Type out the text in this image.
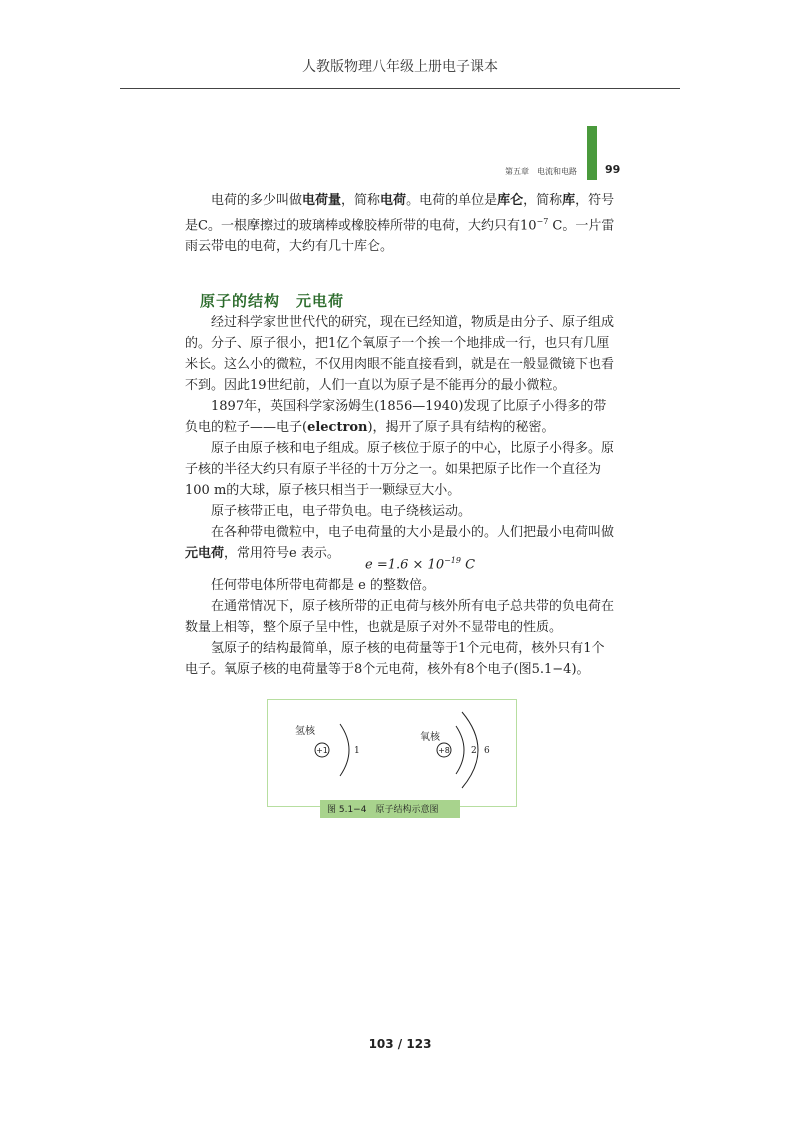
人教版物理八年级上册电子课本
第五章　电流和电路	99

电荷的多少叫做电荷量，简称电荷。电荷的单位是库仑，简称库，符号是C。一根摩擦过的玻璃棒或橡胶棒所带的电荷，大约只有$10^{-7}$ C。一片雷雨云带电的电荷，大约有几十库仑。

原子的结构　元电荷

经过科学家世世代代的研究，现在已经知道，物质是由分子、原子组成的。分子、原子很小，把1亿个氧原子一个挨一个地排成一行，也只有几厘米长。这么小的微粒，不仅用肉眼不能直接看到，就是在一般显微镜下也看不到。因此19世纪前，人们一直以为原子是不能再分的最小微粒。

1897年，英国科学家汤姆生(1856—1940)发现了比原子小得多的带负电的粒子——电子(electron)，揭开了原子具有结构的秘密。

原子由原子核和电子组成。原子核位于原子的中心，比原子小得多。原子核的半径大约只有原子半径的十万分之一。如果把原子比作一个直径为100 m的大球，原子核只相当于一颗绿豆大小。

原子核带正电，电子带负电。电子绕核运动。

在各种带电微粒中，电子电荷量的大小是最小的。人们把最小电荷叫做元电荷，常用符号e 表示。

$e =1.6 \times 10^{-19}$ C

任何带电体所带电荷都是 e 的整数倍。

在通常情况下，原子核所带的正电荷与核外所有电子总共带的负电荷在数量上相等，整个原子呈中性，也就是原子对外不显带电的性质。

氢原子的结构最简单，原子核的电荷量等于1个元电荷，核外只有1个电子。氧原子核的电荷量等于8个元电荷，核外有8个电子(图5.1−4)。

氢核
+1	1
氧核
+8 2 6
图 5.1−4　原子结构示意图
103 / 123
